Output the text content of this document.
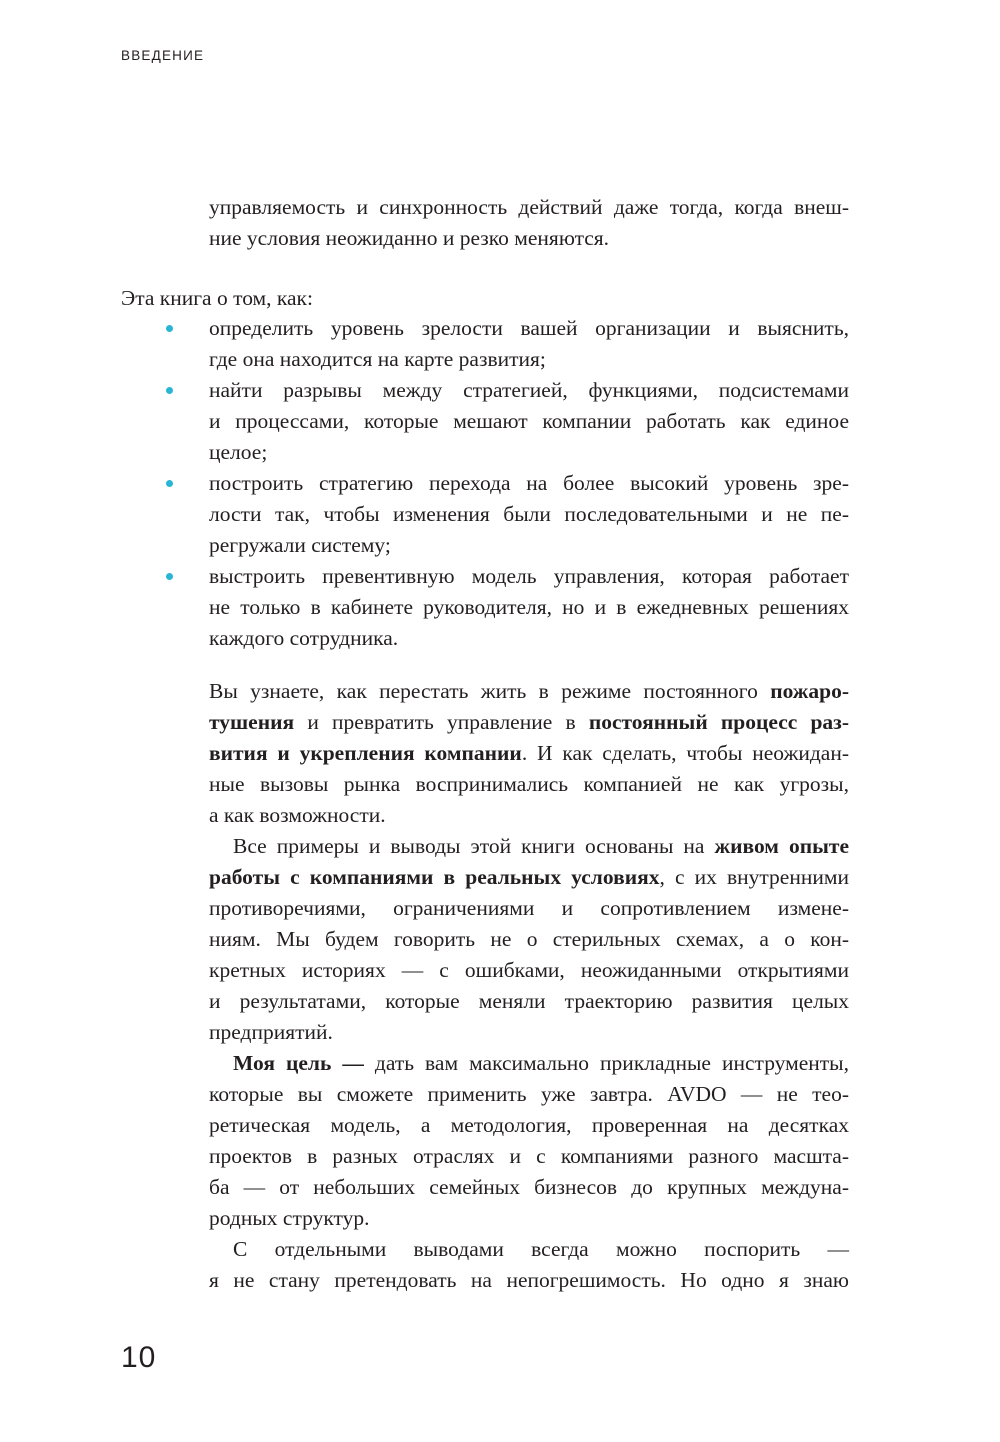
ВВЕДЕНИЕ
управляемость и синхронность действий даже тогда, когда внеш-
ние условия неожиданно и резко меняются.
Эта книга о том, как:
определить уровень зрелости вашей организации и выяснить,
где она находится на карте развития;
найти разрывы между стратегией, функциями, подсистемами
и процессами, которые мешают компании работать как единое
целое;
построить стратегию перехода на более высокий уровень зре-
лости так, чтобы изменения были последовательными и не пе-
регружали систему;
выстроить превентивную модель управления, которая работает
не только в кабинете руководителя, но и в ежедневных решениях
каждого сотрудника.
Вы узнаете, как перестать жить в режиме постоянного пожаро-
тушения и превратить управление в постоянный процесс раз-
вития и укрепления компании. И как сделать, чтобы неожидан-
ные вызовы рынка воспринимались компанией не как угрозы,
а как возможности.
Все примеры и выводы этой книги основаны на живом опыте
работы с компаниями в реальных условиях, с их внутренними
противоречиями, ограничениями и сопротивлением измене-
ниям. Мы будем говорить не о стерильных схемах, а о кон-
кретных историях — с ошибками, неожиданными открытиями
и результатами, которые меняли траекторию развития целых
предприятий.
Моя цель — дать вам максимально прикладные инструменты,
которые вы сможете применить уже завтра. AVDO — не тео-
ретическая модель, а методология, проверенная на десятках
проектов в разных отраслях и с компаниями разного масшта-
ба — от небольших семейных бизнесов до крупных междуна-
родных структур.
С отдельными выводами всегда можно поспорить —
я не стану претендовать на непогрешимость. Но одно я знаю
10
